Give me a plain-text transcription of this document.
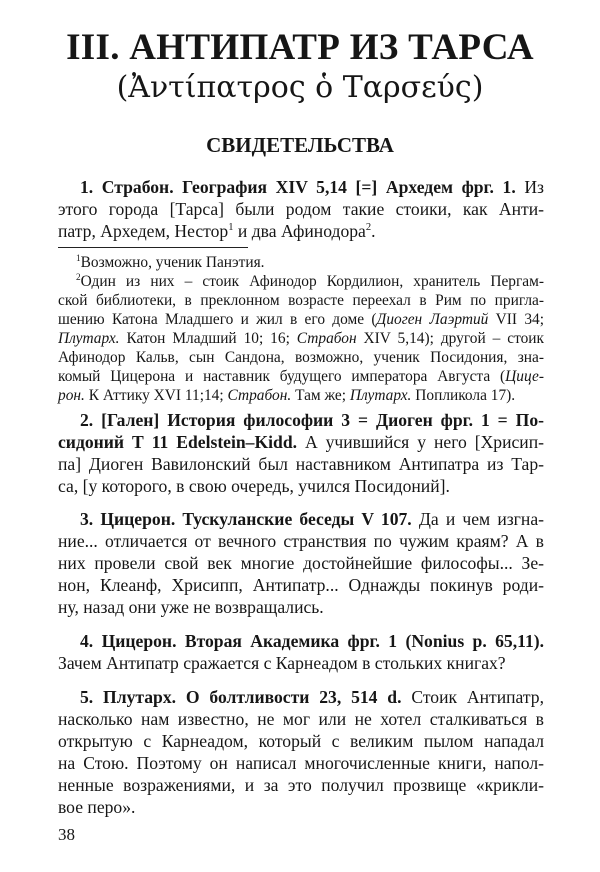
III. АНТИПАТР ИЗ ТАРСА
(Ἀντίπατρος ὁ Ταρσεύς)
СВИДЕТЕЛЬСТВА
1. Страбон. География XIV 5,14 [=] Архедем фрг. 1. Из
этого города [Тарса] были родом такие стоики, как Анти-
патр, Архедем, Нестор$^1$ и два Афинодора$^2$.
$^1$Возможно, ученик Панэтия.
$^2$Один из них – стоик Афинодор Кордилион, хранитель Пергам-
ской библиотеки, в преклонном возрасте переехал в Рим по пригла-
шению Катона Младшего и жил в его доме (Диоген Лаэртий VII 34;
Плутарх. Катон Младший 10; 16; Страбон XIV 5,14); другой – стоик
Афинодор Кальв, сын Сандона, возможно, ученик Посидония, зна-
комый Цицерона и наставник будущего императора Августа (Цице-
рон. К Аттику XVI 11;14; Страбон. Там же; Плутарх. Попликола 17).
2. [Гален] История философии 3 = Диоген фрг. 1 = По-
сидоний Т 11 Edelstein–Kidd. А учившийся у него [Хрисип-
па] Диоген Вавилонский был наставником Антипатра из Тар-
са, [у которого, в свою очередь, учился Посидоний].
3. Цицерон. Тускуланские беседы V 107. Да и чем изгна-
ние... отличается от вечного странствия по чужим краям? А в
них провели свой век многие достойнейшие философы... Зе-
нон, Клеанф, Хрисипп, Антипатр... Однажды покинув роди-
ну, назад они уже не возвращались.
4. Цицерон. Вторая Академика фрг. 1 (Nonius p. 65,11).
Зачем Антипатр сражается с Карнеадом в стольких книгах?
5. Плутарх. О болтливости 23, 514 d. Стоик Антипатр,
насколько нам известно, не мог или не хотел сталкиваться в
открытую с Карнеадом, который с великим пылом нападал
на Стою. Поэтому он написал многочисленные книги, напол-
ненные возражениями, и за это получил прозвище «крикли-
вое перо».
38
